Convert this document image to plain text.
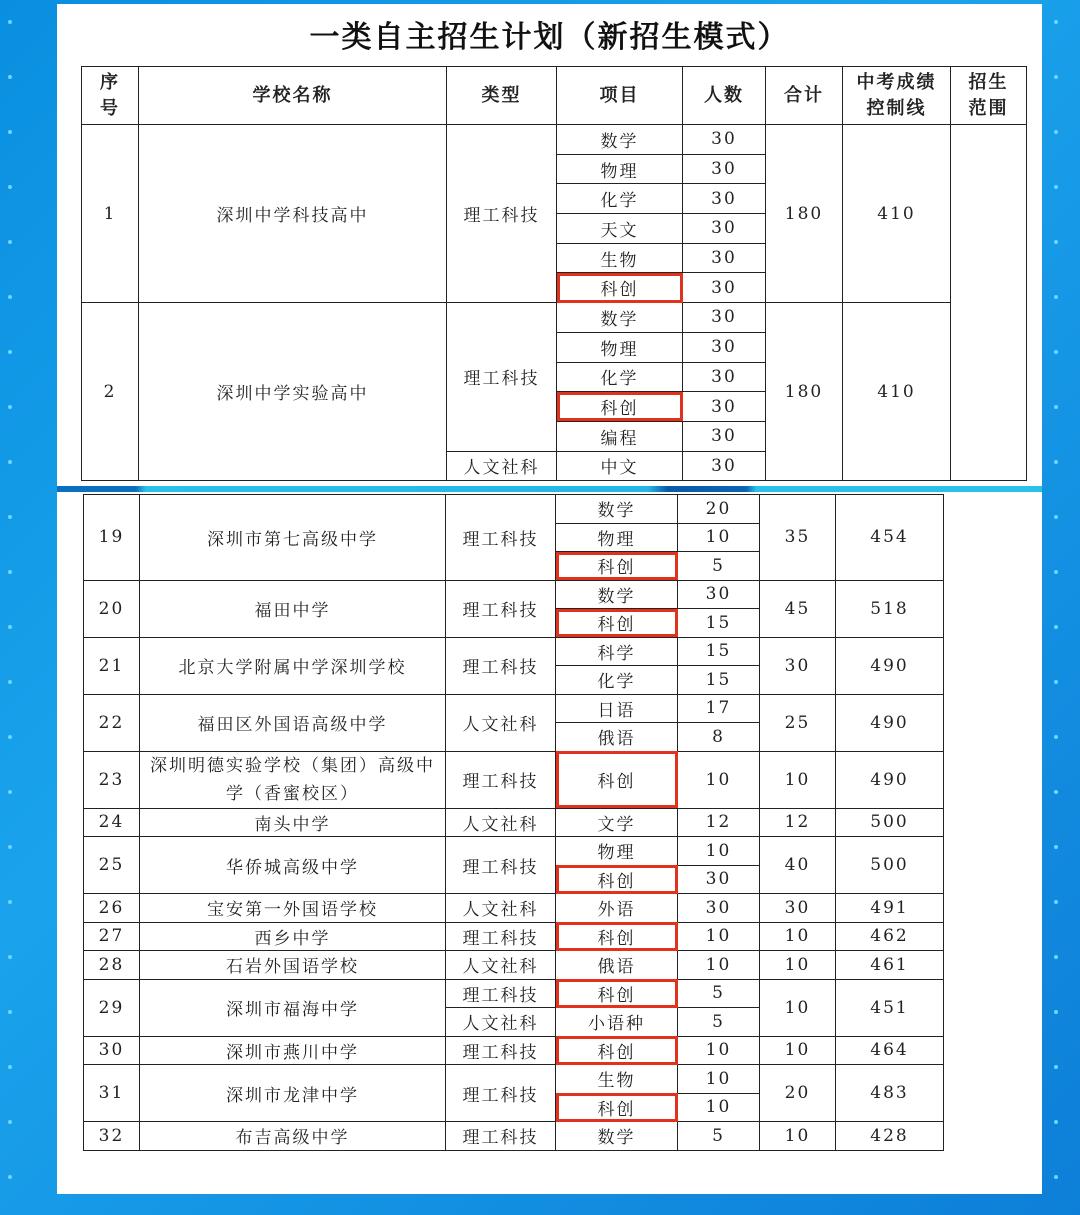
一类自主招生计划（新招生模式）
序号	学校名称	类型	项目	人数	合计	中考成绩控制线	招生范围
1	深圳中学科技高中	理工科技	数学	30	180	410	
			物理	30			
			化学	30			
			天文	30			
			生物	30			
			科创	30			
2	深圳中学实验高中	理工科技	数学	30	180	410	
			物理	30			
			化学	30			
			科创	30			
			编程	30			
		人文社科	中文	30			
19	深圳市第七高级中学	理工科技	数学	20	35	454
			物理	10		
			科创	5		
20	福田中学	理工科技	数学	30	45	518
			科创	15		
21	北京大学附属中学深圳学校	理工科技	科学	15	30	490
			化学	15		
22	福田区外国语高级中学	人文社科	日语	17	25	490
			俄语	8		
23	深圳明德实验学校（集团）高级中学（香蜜校区）	理工科技	科创	10	10	490
24	南头中学	人文社科	文学	12	12	500
25	华侨城高级中学	理工科技	物理	10	40	500
			科创	30		
26	宝安第一外国语学校	人文社科	外语	30	30	491
27	西乡中学	理工科技	科创	10	10	462
28	石岩外国语学校	人文社科	俄语	10	10	461
29	深圳市福海中学	理工科技	科创	5	10	451
		人文社科	小语种	5		
30	深圳市燕川中学	理工科技	科创	10	10	464
31	深圳市龙津中学	理工科技	生物	10	20	483
			科创	10		
32	布吉高级中学	理工科技	数学	5	10	428
